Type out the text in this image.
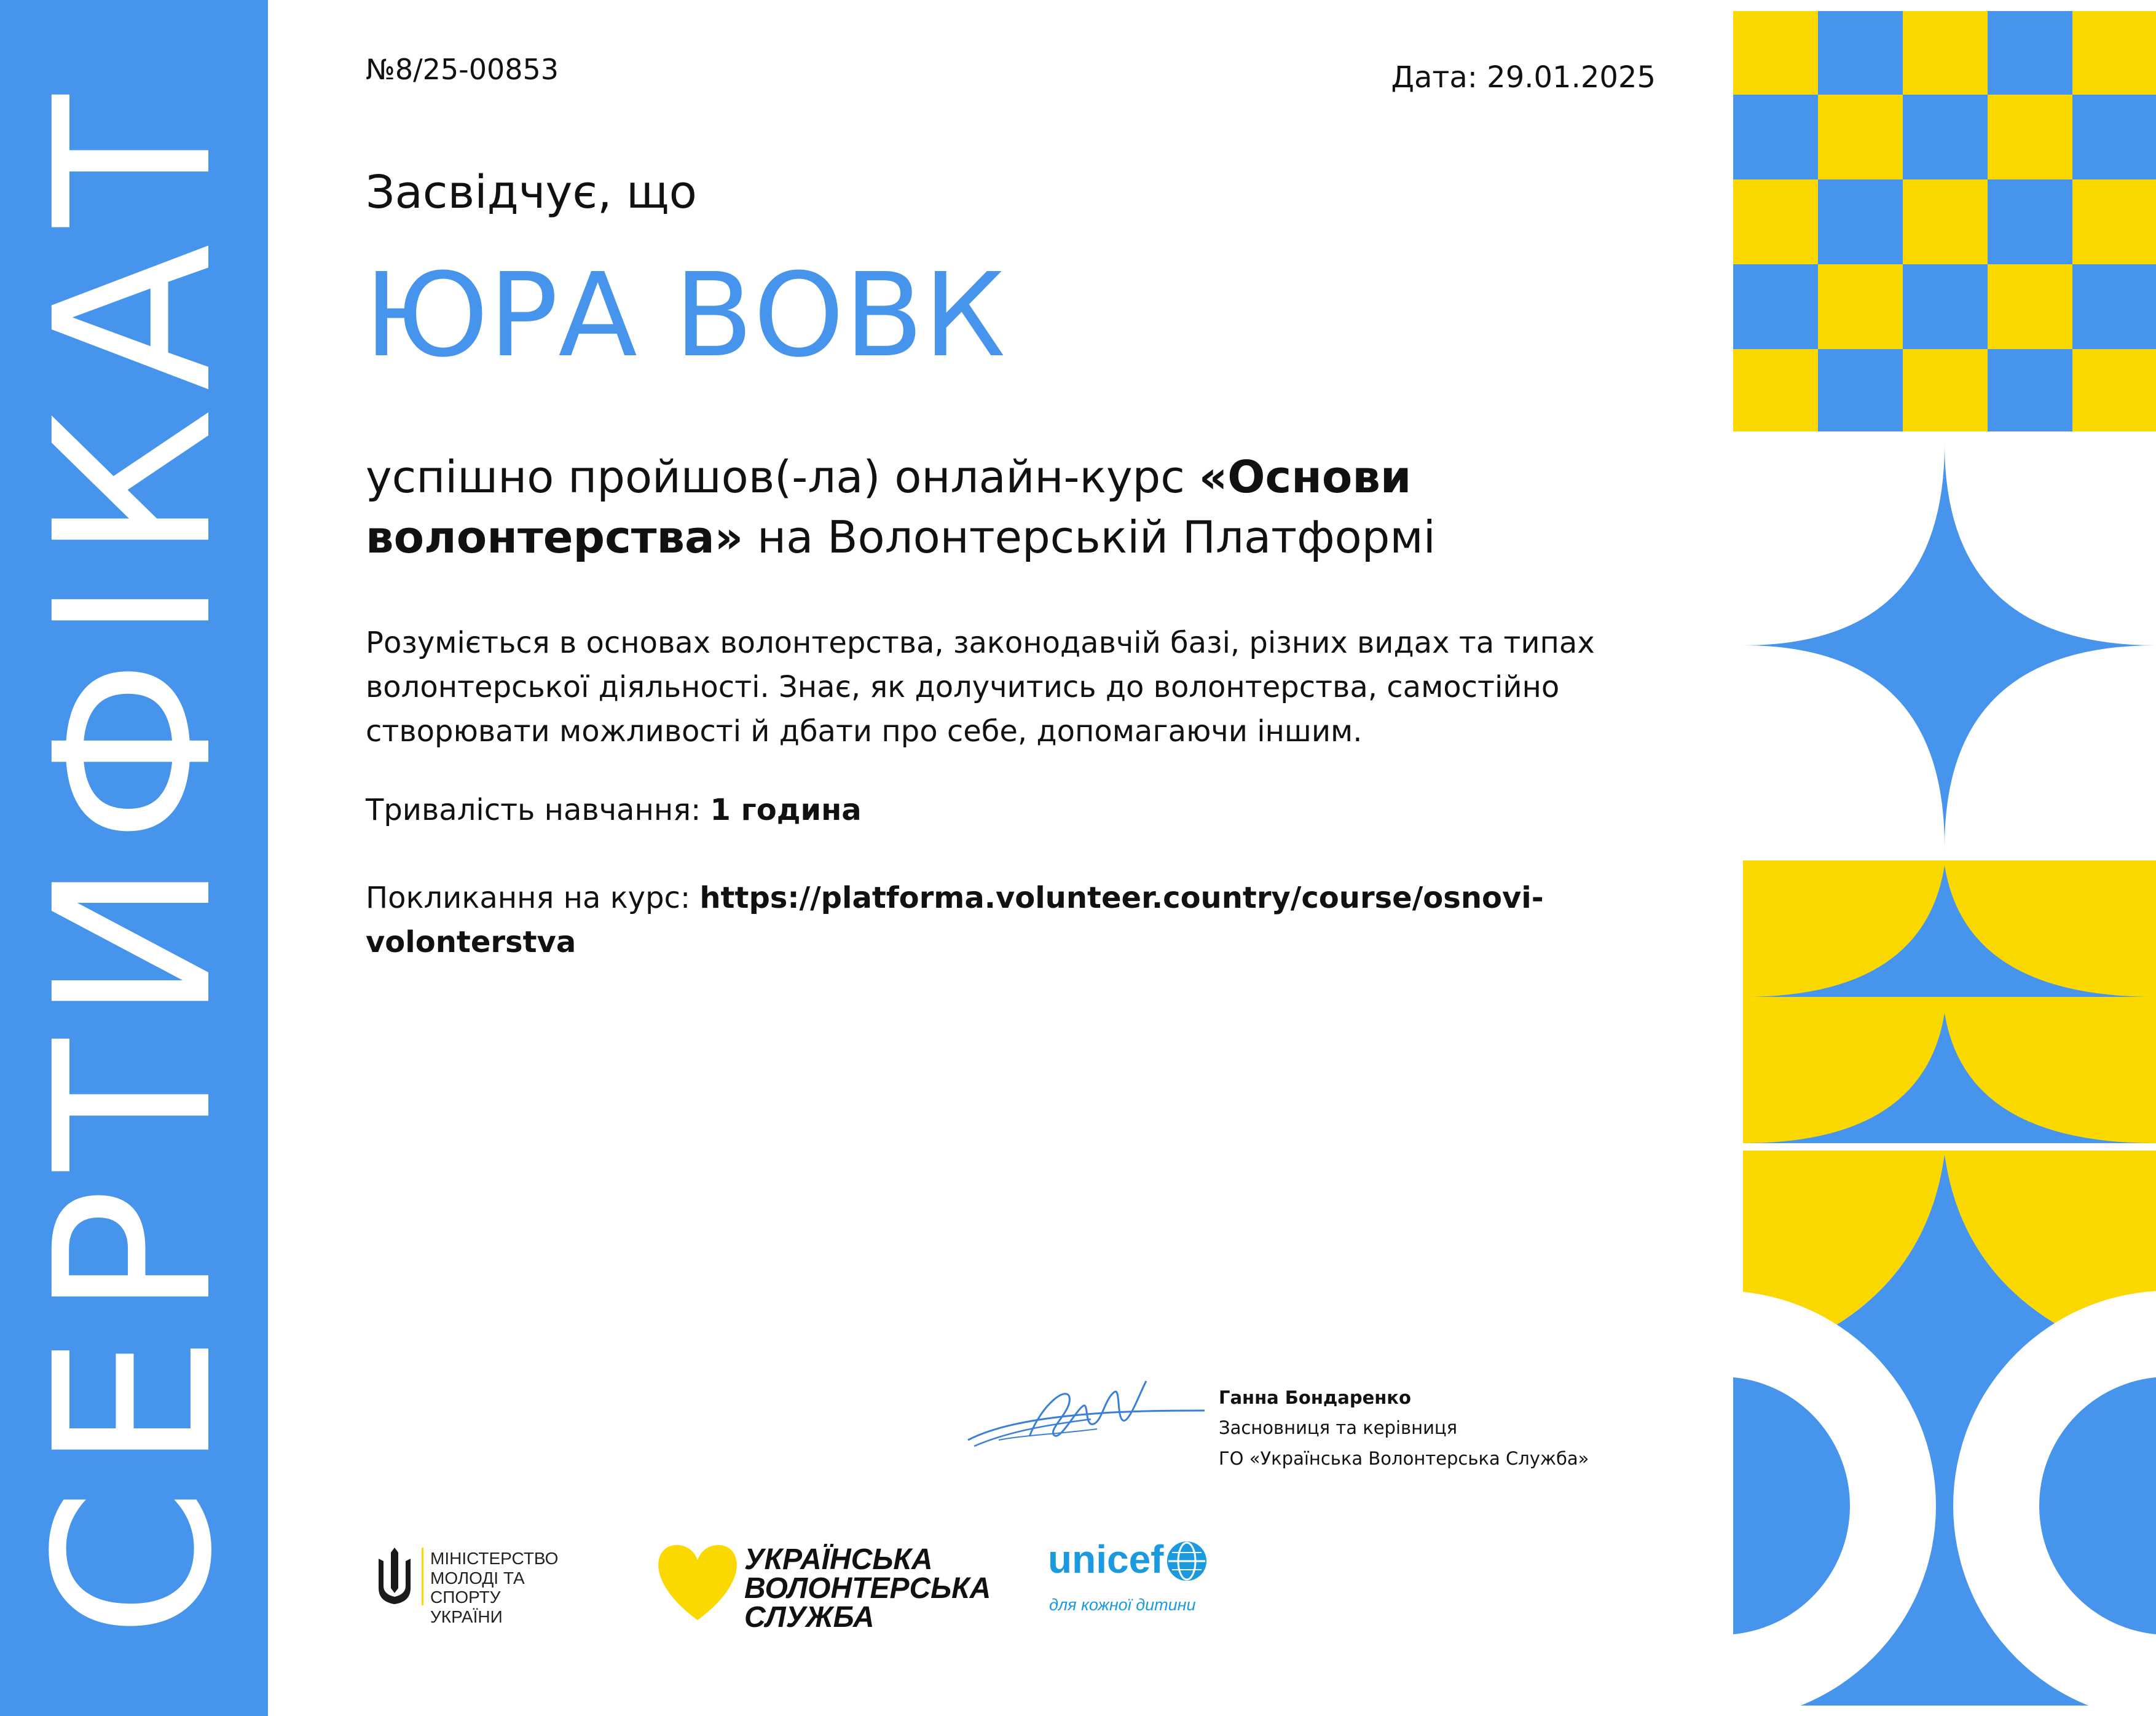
СЕРТИФІКАТ
№8/25-00853	Дата: 29.01.2025
Засвідчує, що
ЮРА ВОВК
успішно пройшов(-ла) онлайн-курс «Основи волонтерства» на Волонтерській Платформі
Розуміється в основах волонтерства, законодавчій базі, різних видах та типах волонтерської діяльності. Знає, як долучитись до волонтерства, самостійно створювати можливості й дбати про себе, допомагаючи іншим.
Тривалість навчання: 1 година
Покликання на курс: https://platforma.volunteer.country/course/osnovi-volonterstva
Ганна Бондаренко
Засновниця та керівниця
ГО «Українська Волонтерська Служба»
МІНІСТЕРСТВО
МОЛОДІ ТА СПОРТУ
УКРАЇНИ
УКРАЇНСЬКА
ВОЛОНТЕРСЬКА
СЛУЖБА
unicef
для кожної дитини
